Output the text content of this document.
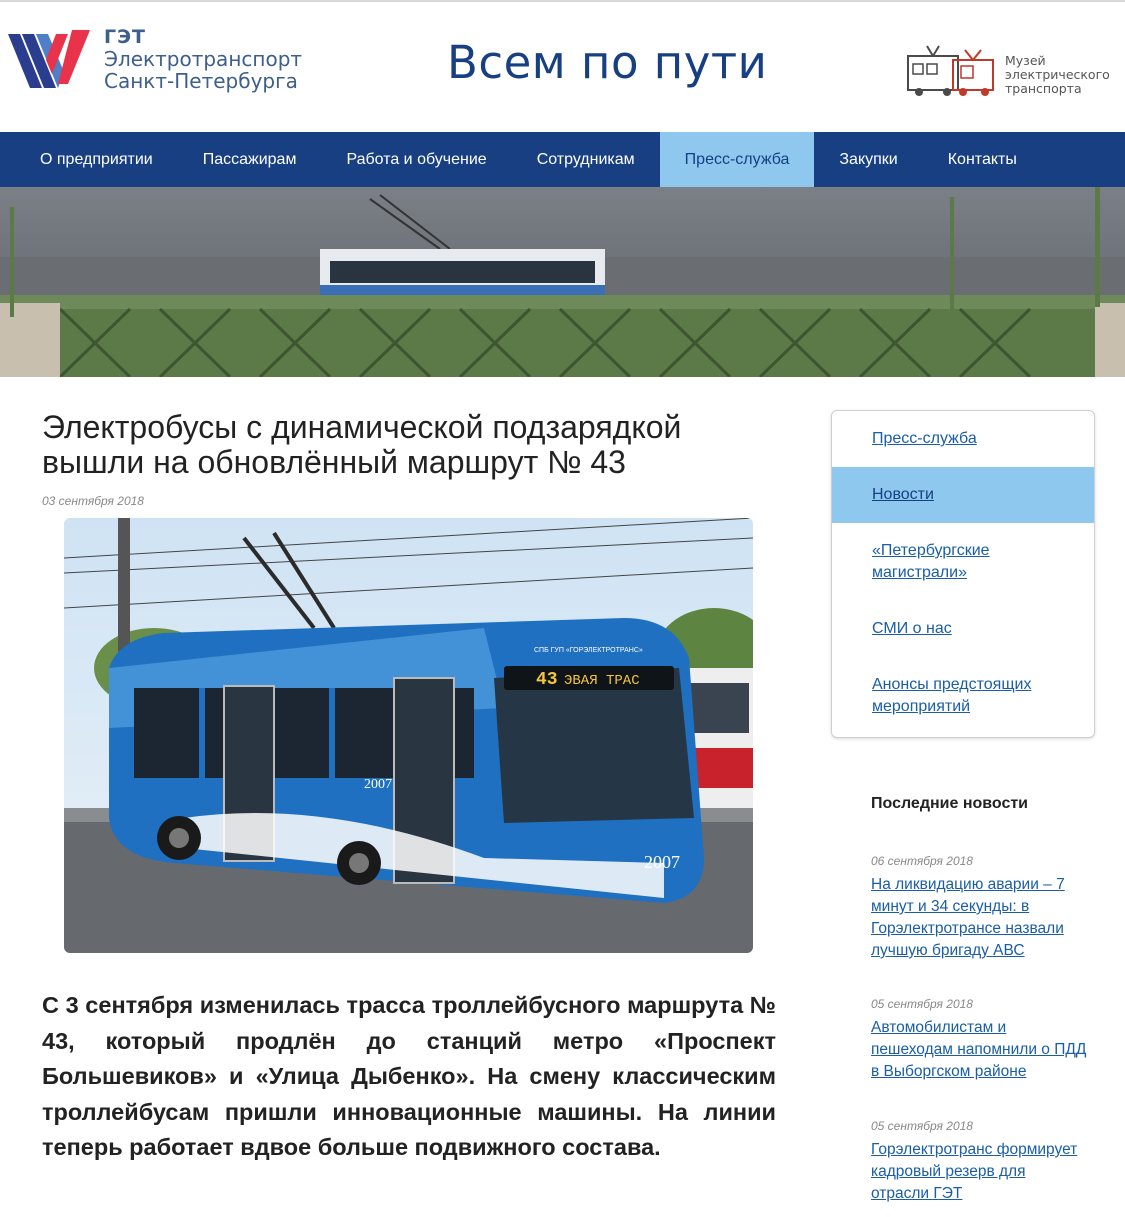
ГЭТ
Электротранспорт
Санкт-Петербурга	Всем по пути	Музей
электрического
транспорта
О предприятии	Пассажирам	Работа и обучение	Сотрудникам	Пресс-служба	Закупки	Контакты
Электробусы с динамической подзарядкой
вышли на обновлённый маршрут № 43
03 сентября 2018
43 ЭВАЯ ТРАС
СПБ ГУП «ГОРЭЛЕКТРОТРАНС»
2007
2007
С 3 сентября изменилась трасса троллейбусного маршрута № 43, который продлён до станций метро «Проспект Большевиков» и «Улица Дыбенко». На смену классическим троллейбусам пришли инновационные машины. На линии теперь работает вдвое больше подвижного состава.
Пресс-служба
Новости
«Петербургские
магистрали»
СМИ о нас
Анонсы предстоящих
мероприятий
Последние новости
06 сентября 2018
На ликвидацию аварии – 7
минут и 34 секунды: в
Горэлектротрансе назвали
лучшую бригаду АВС
05 сентября 2018
Автомобилистам и
пешеходам напомнили о ПДД
в Выборгском районе
05 сентября 2018
Горэлектротранс формирует
кадровый резерв для
отрасли ГЭТ
